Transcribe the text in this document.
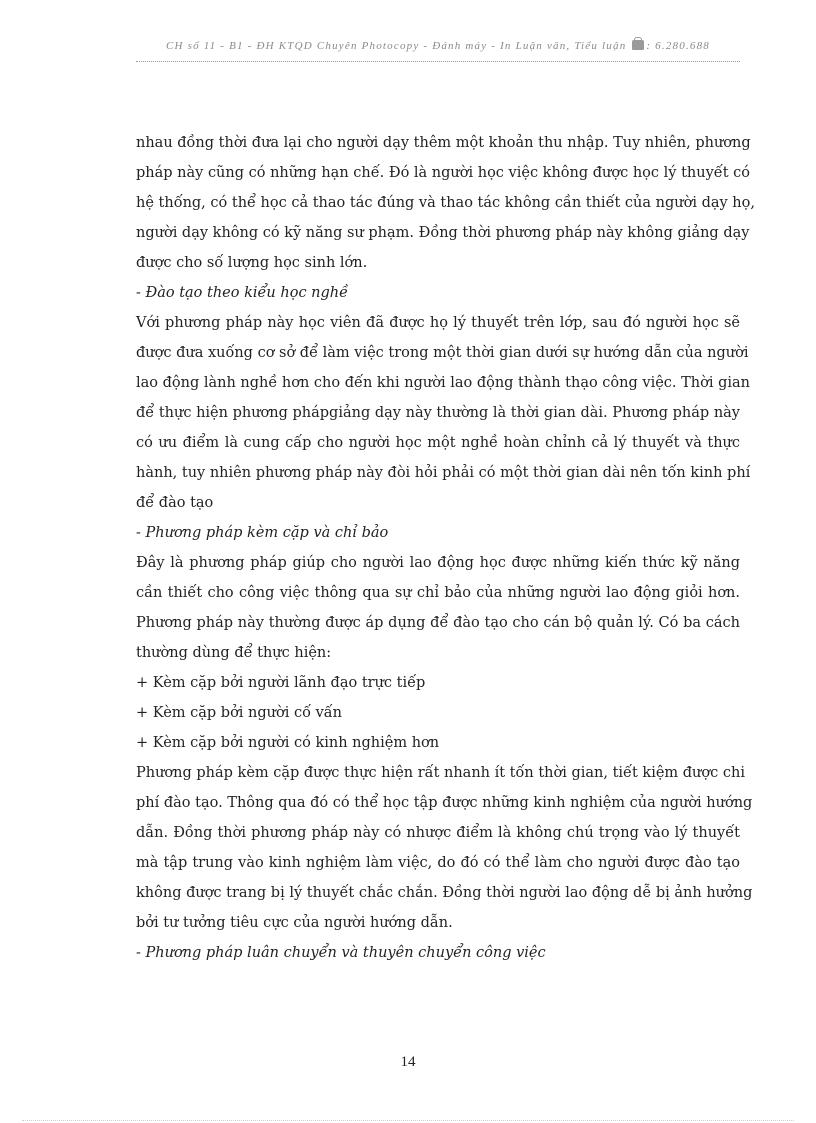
CH số 11 - B1 - ĐH KTQD Chuyên Photocopy - Đánh máy - In Luận văn, Tiểu luận : 6.280.688
nhau đồng thời đưa lại cho người dạy thêm một khoản thu nhập. Tuy nhiên, phương
pháp này cũng có những hạn chế. Đó là người học việc không được học lý thuyết có
hệ thống, có thể học cả thao tác đúng và thao tác không cần thiết của người dạy họ,
người dạy không có kỹ năng sư phạm. Đồng thời phương pháp này không giảng dạy
được cho số lượng học sinh lớn.
- Đào tạo theo kiểu học nghề
Với phương pháp này học viên đã được họ lý thuyết trên lớp, sau đó người học sẽ
được đưa xuống cơ sở để làm việc trong một thời gian dưới sự hướng dẫn của người
lao động lành nghề hơn cho đến khi người lao động thành thạo công việc. Thời gian
để thực hiện phương phápgiảng dạy này thường là thời gian dài. Phương pháp này
có ưu điểm là cung cấp cho người học một nghề hoàn chỉnh cả lý thuyết và thực
hành, tuy nhiên phương pháp này đòi hỏi phải có một thời gian dài nên tốn kinh phí
để đào tạo
- Phương pháp kèm cặp và chỉ bảo
Đây là phương pháp giúp cho người lao động học được những kiến thức kỹ năng
cần thiết cho công việc thông qua sự chỉ bảo của những người lao động giỏi hơn.
Phương pháp này thường được áp dụng để đào tạo cho cán bộ quản lý. Có ba cách
thường dùng để thực hiện:
+ Kèm cặp bởi người lãnh đạo trực tiếp
+ Kèm cặp bởi người cố vấn
+ Kèm cặp bởi người có kinh nghiệm hơn
Phương pháp kèm cặp được thực hiện rất nhanh ít tốn thời gian, tiết kiệm được chi
phí đào tạo. Thông qua đó có thể học tập được những kinh nghiệm của người hướng
dẫn. Đồng thời phương pháp này có nhược điểm là không chú trọng vào lý thuyết
mà tập trung vào kinh nghiệm làm việc, do đó có thể làm cho người được đào tạo
không được trang bị lý thuyết chắc chắn. Đồng thời người lao động dễ bị ảnh hưởng
bởi tư tưởng tiêu cực của người hướng dẫn.
- Phương pháp luân chuyển và thuyên chuyển công việc
14
